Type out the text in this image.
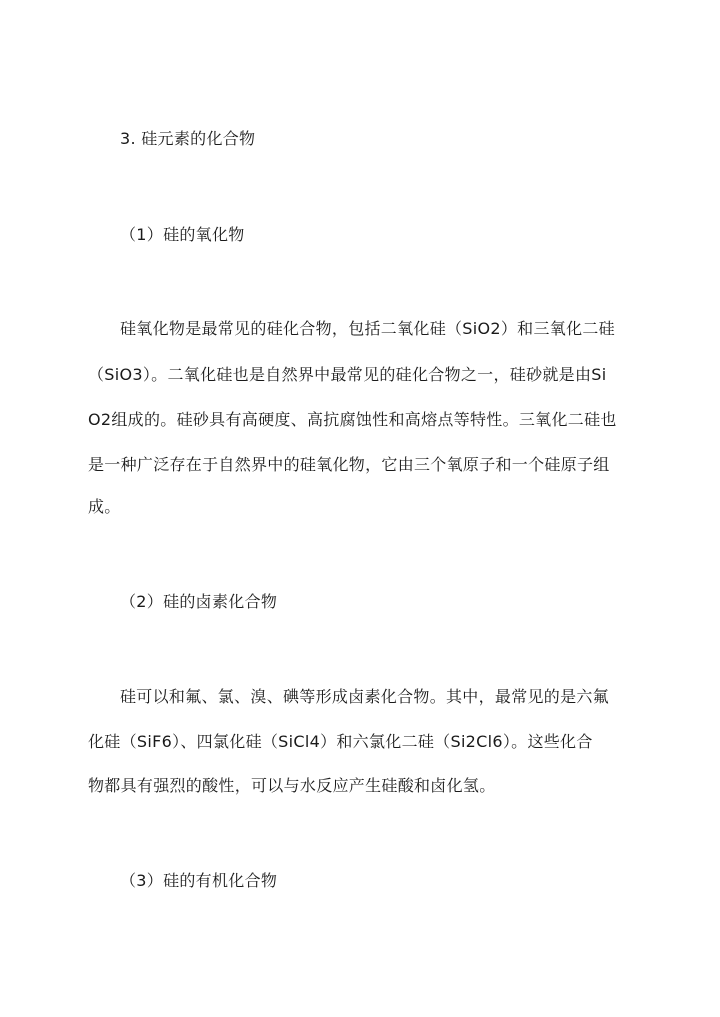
3. 硅元素的化合物
（1）硅的氧化物
硅氧化物是最常见的硅化合物，包括二氧化硅（SiO2）和三氧化二硅
（SiO3）。二氧化硅也是自然界中最常见的硅化合物之一，硅砂就是由Si
O2组成的。硅砂具有高硬度、高抗腐蚀性和高熔点等特性。三氧化二硅也
是一种广泛存在于自然界中的硅氧化物，它由三个氧原子和一个硅原子组
成。
（2）硅的卤素化合物
硅可以和氟、氯、溴、碘等形成卤素化合物。其中，最常见的是六氟
化硅（SiF6）、四氯化硅（SiCl4）和六氯化二硅（Si2Cl6）。这些化合
物都具有强烈的酸性，可以与水反应产生硅酸和卤化氢。
（3）硅的有机化合物
